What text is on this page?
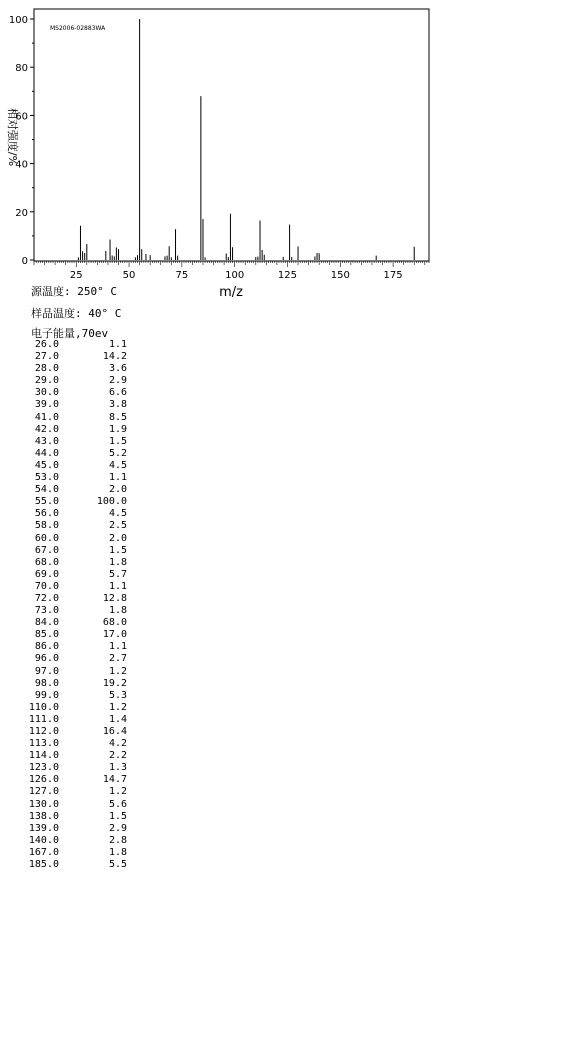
MS2006-02883WA
0
20
40
60
80
100
25	50	75	100	125	150	175
m/z
相对强度/%
源温度: 250° C
样品温度: 40° C
电子能量,70ev
26.0	1.1
27.0	14.2
28.0	3.6
29.0	2.9
30.0	6.6
39.0	3.8
41.0	8.5
42.0	1.9
43.0	1.5
44.0	5.2
45.0	4.5
53.0	1.1
54.0	2.0
55.0	100.0
56.0	4.5
58.0	2.5
60.0	2.0
67.0	1.5
68.0	1.8
69.0	5.7
70.0	1.1
72.0	12.8
73.0	1.8
84.0	68.0
85.0	17.0
86.0	1.1
96.0	2.7
97.0	1.2
98.0	19.2
99.0	5.3
110.0	1.2
111.0	1.4
112.0	16.4
113.0	4.2
114.0	2.2
123.0	1.3
126.0	14.7
127.0	1.2
130.0	5.6
138.0	1.5
139.0	2.9
140.0	2.8
167.0	1.8
185.0	5.5
